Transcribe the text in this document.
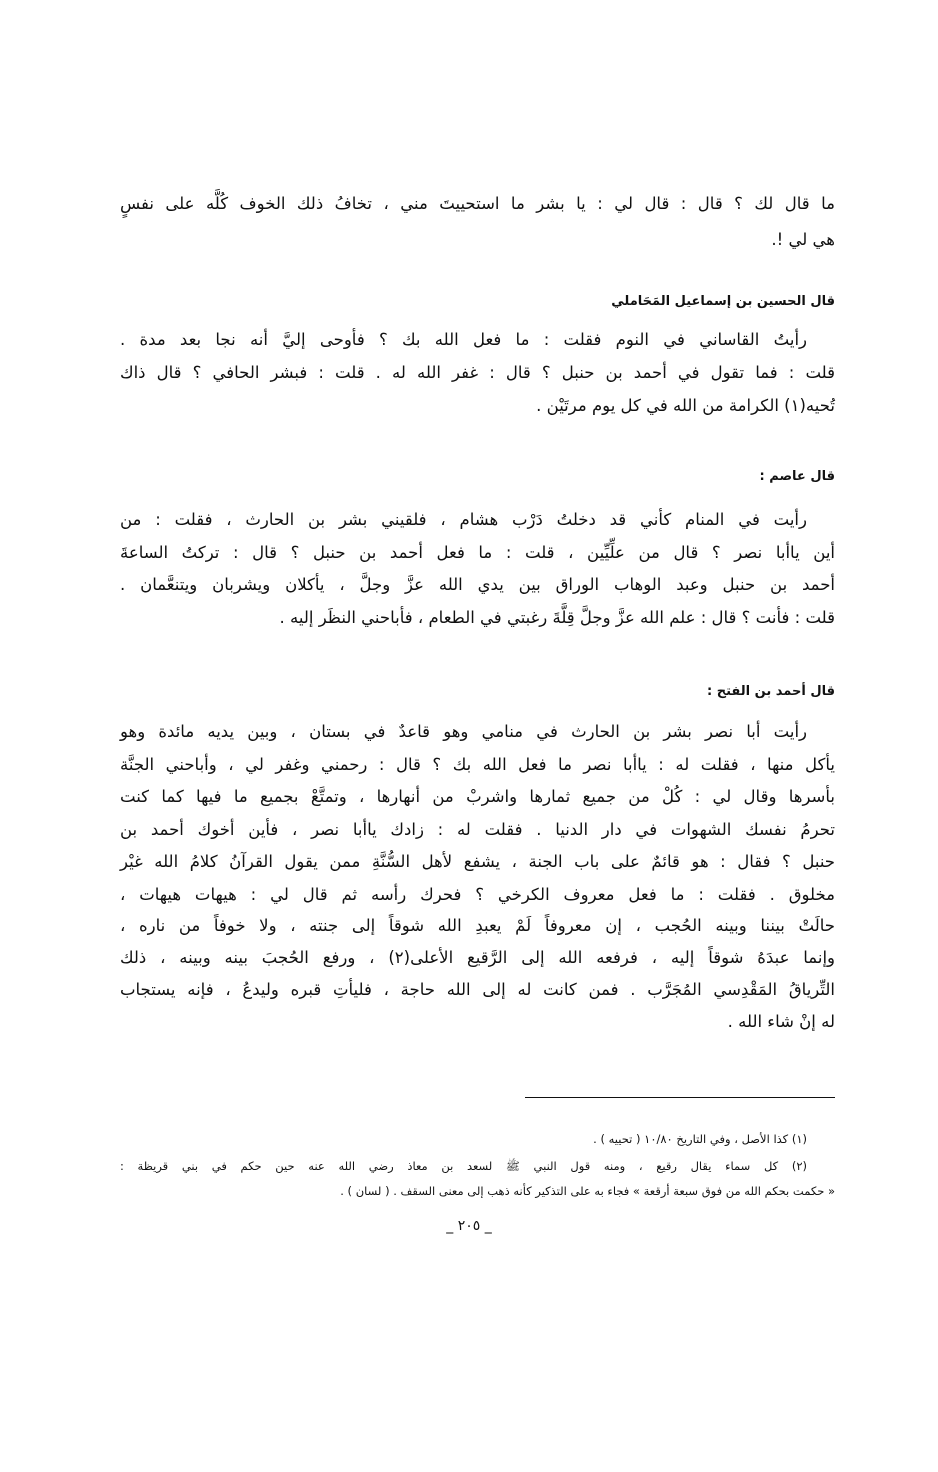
ما قال لك ؟ قال : قال لي : يا بشر ما استحييتَ مني ، تخافُ ذلك الخوف كُلَّه على نفسٍ
هي لي !.
قال الحسين بن إسماعيل المَحَاملي
رأيتُ القاساني في النوم فقلت : ما فعل الله بك ؟ فأوحى إليَّ أنه نجا بعد مدة .
قلت : فما تقول في أحمد بن حنبل ؟ قال : غفر الله له . قلت : فبشر الحافي ؟ قال ذاك
تُحيه(١) الكرامة من الله في كل يوم مرتَيْن .
قال عاصم :
رأيت في المنام كأني قد دخلتُ دَرْب هشام ، فلقيني بشر بن الحارث ، فقلت : من
أين ياأبا نصر ؟ قال من علِّيِّين ، قلت : ما فعل أحمد بن حنبل ؟ قال : تركتُ الساعةَ
أحمد بن حنبل وعبد الوهاب الوراق بين يدي الله عزَّ وجلَّ ، يأكلان ويشربان ويتنعَّمان .
قلت : فأنت ؟ قال : علم الله عزَّ وجلَّ قِلَّةَ رغبتي في الطعام ، فأباحني النظَر إليه .
قال أحمد بن الفتح :
رأيت أبا نصر بشر بن الحارث في منامي وهو قاعدٌ في بستان ، وبين يديه مائدة وهو
يأكل منها ، فقلت له : ياأبا نصر ما فعل الله بك ؟ قال : رحمني وغفر لي ، وأباحني الجنَّة
بأسرها وقال لي : كُلْ من جميع ثمارها واشربْ من أنهارها ، وتمتَّعْ بجميع ما فيها كما كنت
تحرمُ نفسك الشهوات في دار الدنيا . فقلت له : زادك ياأبا نصر ، فأين أخوك أحمد بن
حنبل ؟ فقال : هو قائمٌ على باب الجنة ، يشفع لأهل السُّنَّةِ ممن يقول القرآنُ كلامُ الله غيْر
مخلوق . فقلت : ما فعل معروف الكرخي ؟ فحرك رأسه ثم قال لي : هيهات هيهات ،
حالَتْ بيننا وبينه الحُجب ، إن معروفاً لَمْ يعبدِ الله شوقاً إلى جنته ، ولا خوفاً من ناره ،
وإنما عبدَهُ شوقاً إليه ، فرفعه الله إلى الرَّقيع الأعلى(٢) ، ورفع الحُجبَ بينه وبينه ، ذلك
التِّرياقُ المَقْدِسي المُجَرَّب . فمن كانت له إلى الله حاجة ، فليأتِ قبره وليدعُ ، فإنه يستجاب
له إنْ شاء الله .
(١) كذا الأصل ، وفي التاريخ ١٠/٨٠ ( تحييه ) .
(٢) كل سماء يقال رقيع ، ومنه قول النبي ﷺ لسعد بن معاذ رضي الله عنه حين حكم في بني قريظة :
« حكمت بحكم الله من فوق سبعة أرقعة » فجاء به على التذكير كأنه ذهب إلى معنى السقف . ( لسان ) .
_ ٢٠٥ _
